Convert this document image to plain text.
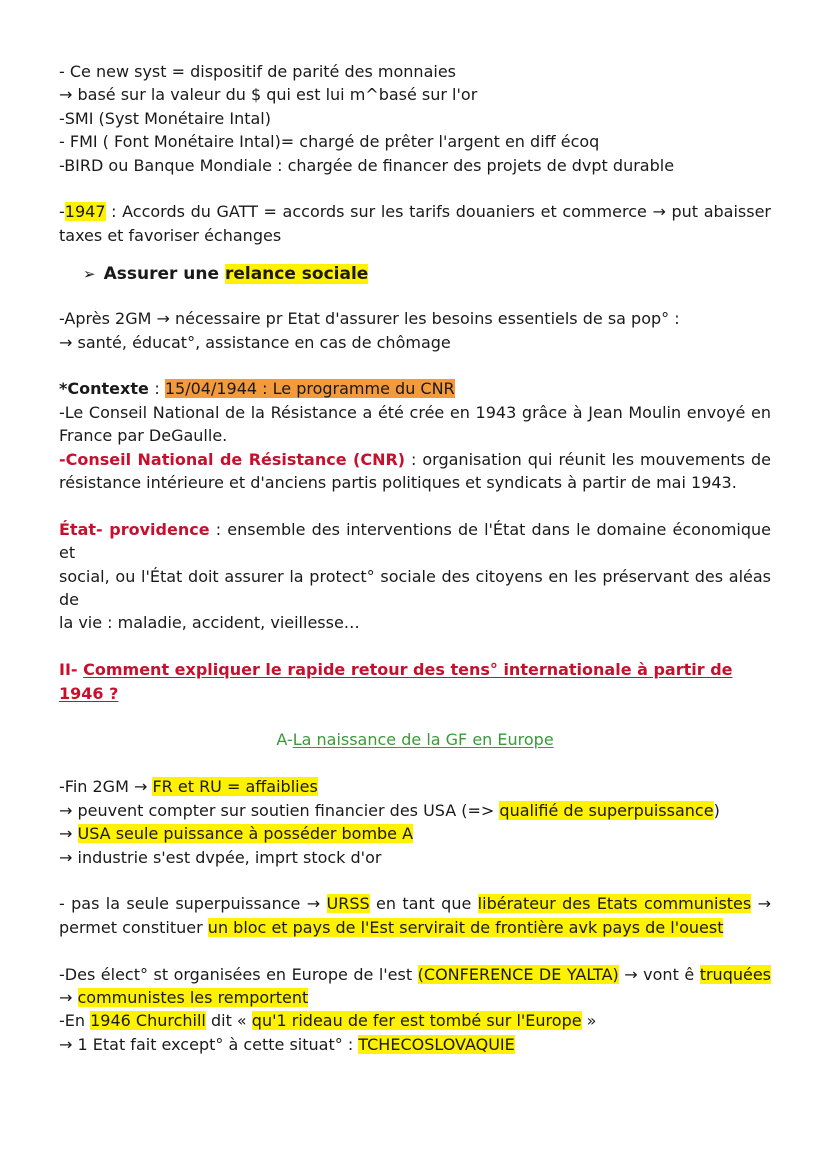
- Ce new syst = dispositif de parité des monnaies
→ basé sur la valeur du $ qui est lui m^basé sur l'or
-SMI (Syst Monétaire Intal)
- FMI ( Font Monétaire Intal)= chargé de prêter l'argent en diff écoq
-BIRD ou Banque Mondiale : chargée de financer des projets de dvpt durable
-1947 : Accords du GATT = accords sur les tarifs douaniers et commerce → put abaisser
taxes et favoriser échanges
➢ Assurer une relance sociale
-Après 2GM → nécessaire pr Etat d'assurer les besoins essentiels de sa pop° :
→ santé, éducat°, assistance en cas de chômage
*Contexte : 15/04/1944 : Le programme du CNR
-Le Conseil National de la Résistance a été crée en 1943 grâce à Jean Moulin envoyé en
France par DeGaulle.
-Conseil National de Résistance (CNR) : organisation qui réunit les mouvements de
résistance intérieure et d'anciens partis politiques et syndicats à partir de mai 1943.
État- providence : ensemble des interventions de l'État dans le domaine économique et
social, ou l'État doit assurer la protect° sociale des citoyens en les préservant des aléas de
la vie : maladie, accident, vieillesse…
II- Comment expliquer le rapide retour des tens° internationale à partir de 1946 ?
A-La naissance de la GF en Europe
-Fin 2GM → FR et RU = affaiblies
→ peuvent compter sur soutien financier des USA (=> qualifié de superpuissance)
→ USA seule puissance à posséder bombe A
→ industrie s'est dvpée, imprt stock d'or
- pas la seule superpuissance → URSS en tant que libérateur des Etats communistes →
permet constituer un bloc et pays de l'Est servirait de frontière avk pays de l'ouest
-Des élect° st organisées en Europe de l'est (CONFERENCE DE YALTA) → vont ê truquées
→ communistes les remportent
-En 1946 Churchill dit « qu'1 rideau de fer est tombé sur l'Europe »
→ 1 Etat fait except° à cette situat° : TCHECOSLOVAQUIE
